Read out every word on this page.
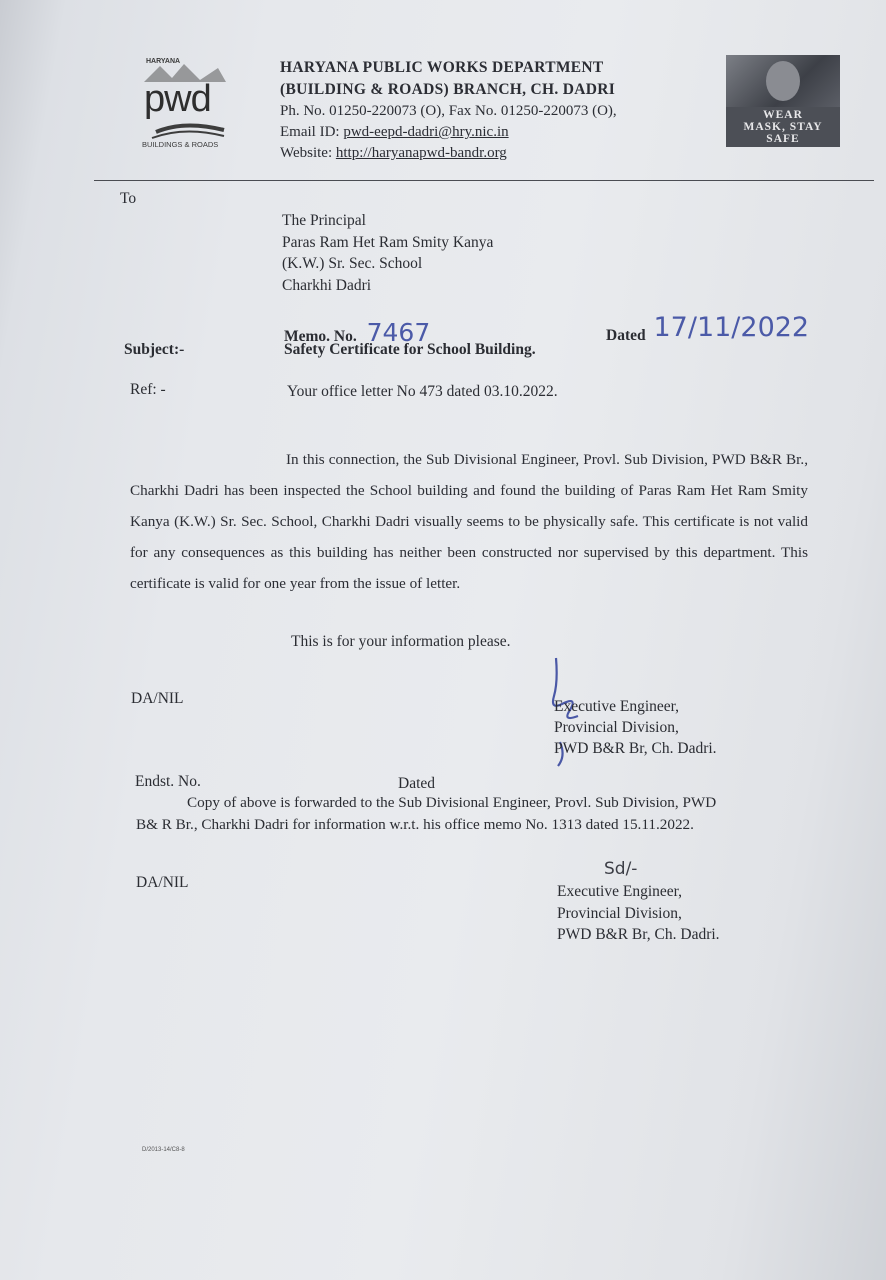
HARYANA
pwd
BUILDINGS & ROADS
HARYANA PUBLIC WORKS DEPARTMENT
(BUILDING & ROADS) BRANCH, CH. DADRI
Ph. No. 01250-220073 (O), Fax No. 01250-220073 (O),
Email ID: pwd-eepd-dadri@hry.nic.in
Website: http://haryanapwd-bandr.org
WEAR
MASK, STAY
SAFE
To
The Principal
Paras Ram Het Ram Smity Kanya
(K.W.) Sr. Sec. School
Charkhi Dadri
Memo. No. 7467	Dated 17/11/2022
Subject:-	Safety Certificate for School Building.
Ref: -	Your office letter No 473 dated 03.10.2022.
In this connection, the Sub Divisional Engineer, Provl. Sub Division, PWD B&R Br., Charkhi Dadri has been inspected the School building and found the building of Paras Ram Het Ram Smity Kanya (K.W.) Sr. Sec. School, Charkhi Dadri visually seems to be physically safe. This certificate is not valid for any consequences as this building has neither been constructed nor supervised by this department. This certificate is valid for one year from the issue of letter.
This is for your information please.
DA/NIL	Executive Engineer,
Provincial Division,
PWD B&R Br, Ch. Dadri.
Endst. No.	Dated
Copy of above is forwarded to the Sub Divisional Engineer, Provl. Sub Division, PWD
B& R Br., Charkhi Dadri for information w.r.t. his office memo No. 1313 dated 15.11.2022.
DA/NIL
Sd/-
Executive Engineer,
Provincial Division,
PWD B&R Br, Ch. Dadri.
D/2013-14/C8-8
